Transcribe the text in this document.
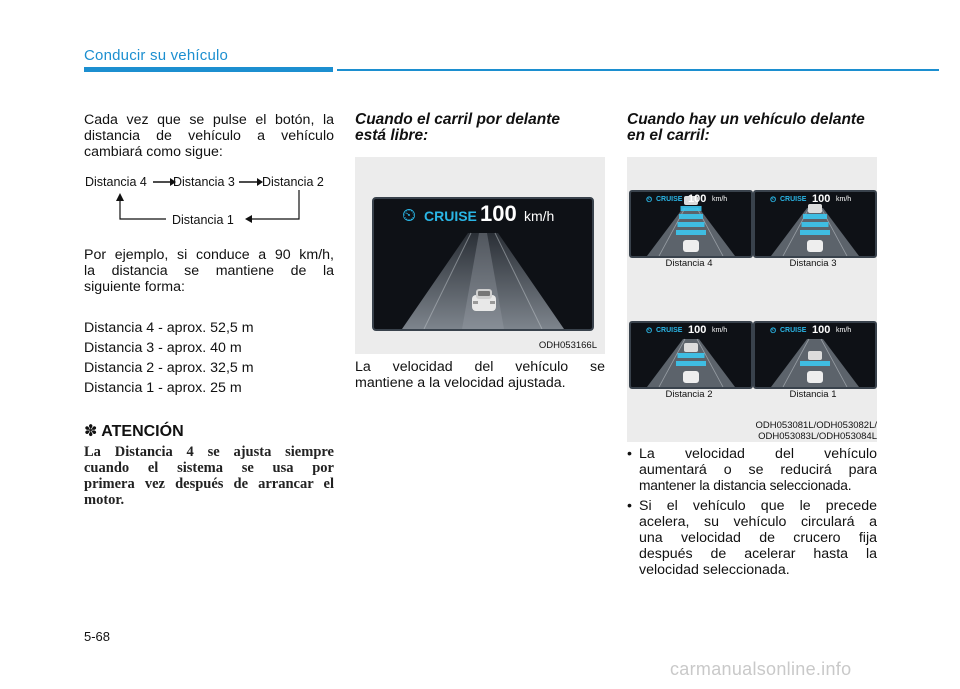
Conducir su vehículo
Cada vez que se pulse el botón, la
distancia de vehículo a vehículo
cambiará como sigue:
Distancia 4 Distancia 3 Distancia 2
Distancia 1
Por ejemplo, si conduce a 90 km/h,
la distancia se mantiene de la
siguiente forma:
Distancia 4 - aprox. 52,5 m
Distancia 3 - aprox. 40 m
Distancia 2 - aprox. 32,5 m
Distancia 1 - aprox. 25 m
✽ ATENCIÓN
La Distancia 4 se ajusta siempre
cuando el sistema se usa por
primera vez después de arrancar el
motor.
Cuando el carril por delante
está libre:
⏲ CRUISE 100 km/h
ODH053166L
La velocidad del vehículo se
mantiene a la velocidad ajustada.
Cuando hay un vehículo delante
en el carril:
ODH053081L/ODH053082L/
ODH053083L/ODH053084L
⏲ CRUISE 100 km/h
Distancia 4
⏲ CRUISE 100 km/h
Distancia 3
⏲ CRUISE 100 km/h
Distancia 2
⏲ CRUISE 100 km/h
Distancia 1
• La velocidad del vehículo
aumentará o se reducirá para
mantener la distancia seleccionada.
• Si el vehículo que le precede
acelera, su vehículo circulará a
una velocidad de crucero fija
después de acelerar hasta la
velocidad seleccionada.
5-68
carmanualsonline.info
